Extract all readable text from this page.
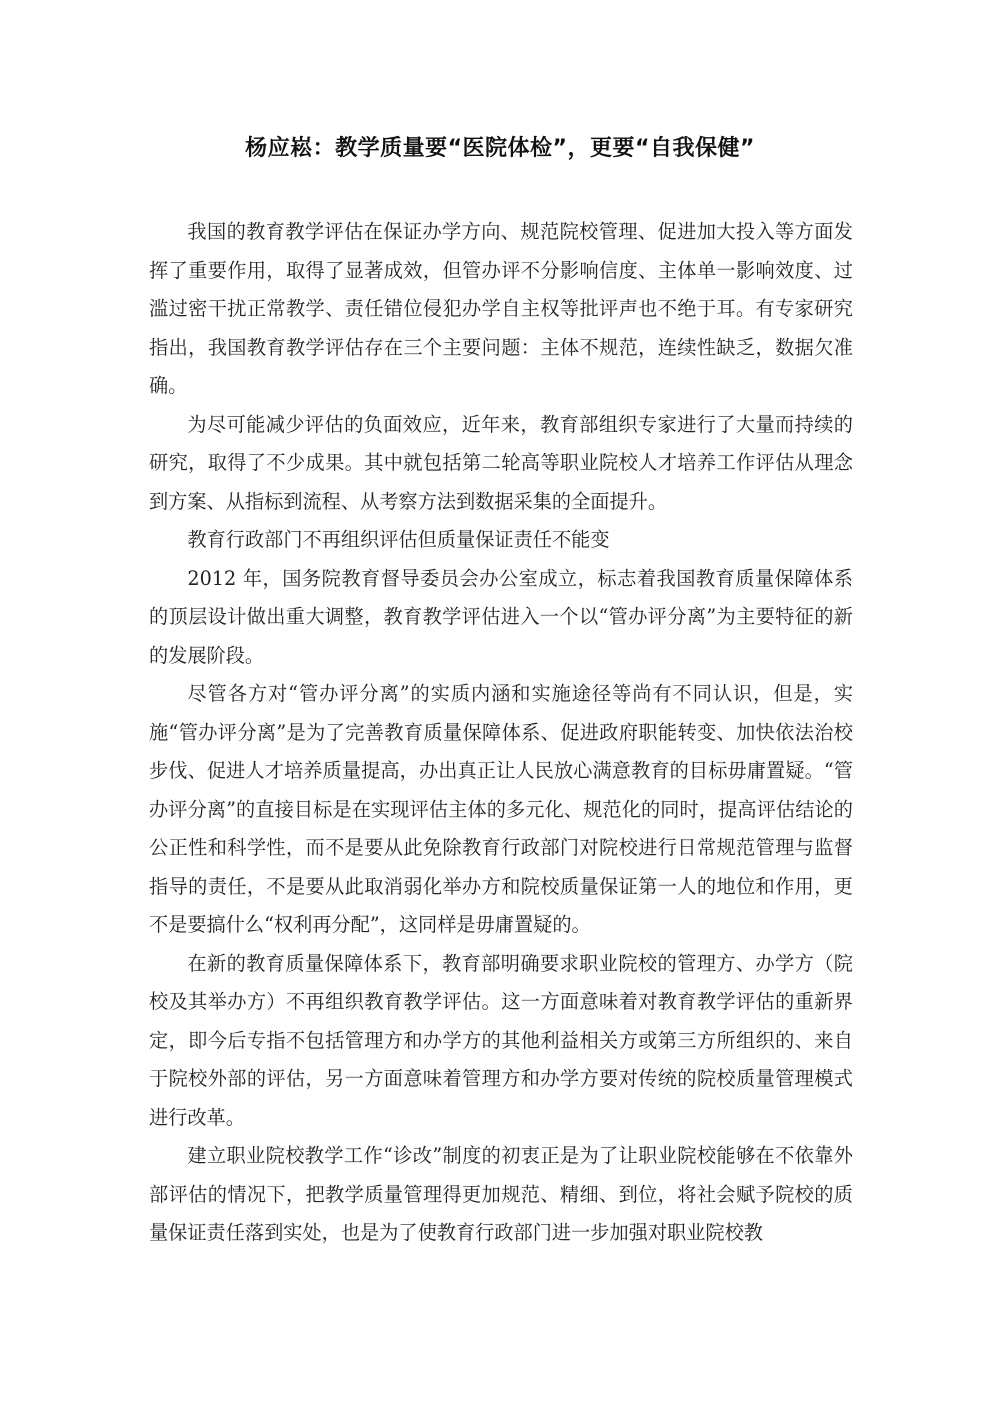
杨应崧：教学质量要“医院体检”，更要“自我保健”

我国的教育教学评估在保证办学方向、规范院校管理、促进加大投入等方面发挥了重要作用，取得了显著成效，但管办评不分影响信度、主体单一影响效度、过滥过密干扰正常教学、责任错位侵犯办学自主权等批评声也不绝于耳。有专家研究指出，我国教育教学评估存在三个主要问题：主体不规范，连续性缺乏，数据欠准确。

为尽可能减少评估的负面效应，近年来，教育部组织专家进行了大量而持续的研究，取得了不少成果。其中就包括第二轮高等职业院校人才培养工作评估从理念到方案、从指标到流程、从考察方法到数据采集的全面提升。

教育行政部门不再组织评估但质量保证责任不能变

2012 年，国务院教育督导委员会办公室成立，标志着我国教育质量保障体系的顶层设计做出重大调整，教育教学评估进入一个以“管办评分离”为主要特征的新的发展阶段。

尽管各方对“管办评分离”的实质内涵和实施途径等尚有不同认识，但是，实施“管办评分离”是为了完善教育质量保障体系、促进政府职能转变、加快依法治校步伐、促进人才培养质量提高，办出真正让人民放心满意教育的目标毋庸置疑。“管办评分离”的直接目标是在实现评估主体的多元化、规范化的同时，提高评估结论的公正性和科学性，而不是要从此免除教育行政部门对院校进行日常规范管理与监督指导的责任，不是要从此取消弱化举办方和院校质量保证第一人的地位和作用，更不是要搞什么“权利再分配”，这同样是毋庸置疑的。

在新的教育质量保障体系下，教育部明确要求职业院校的管理方、办学方（院校及其举办方）不再组织教育教学评估。这一方面意味着对教育教学评估的重新界定，即今后专指不包括管理方和办学方的其他利益相关方或第三方所组织的、来自于院校外部的评估，另一方面意味着管理方和办学方要对传统的院校质量管理模式进行改革。

建立职业院校教学工作“诊改”制度的初衷正是为了让职业院校能够在不依靠外部评估的情况下，把教学质量管理得更加规范、精细、到位，将社会赋予院校的质量保证责任落到实处，也是为了使教育行政部门进一步加强对职业院校教
